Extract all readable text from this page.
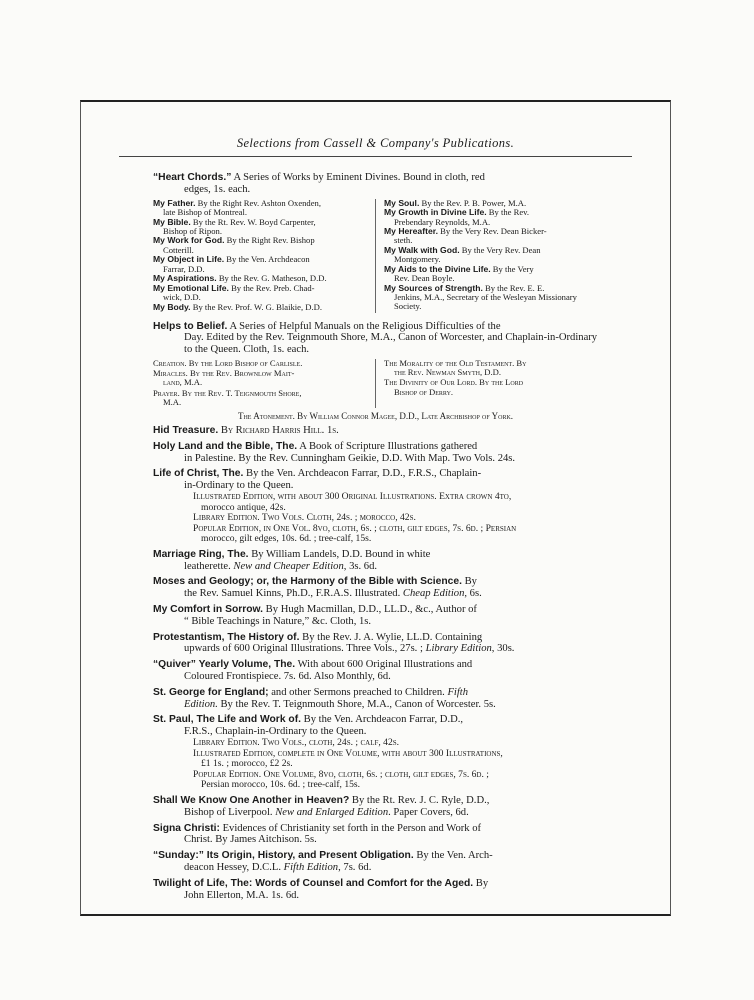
Selections from Cassell & Company's Publications.
“Heart Chords.” A Series of Works by Eminent Divines. Bound in cloth, red
edges, 1s. each.
My Father. By the Right Rev. Ashton Oxenden,
late Bishop of Montreal.
My Bible. By the Rt. Rev. W. Boyd Carpenter,
Bishop of Ripon.
My Work for God. By the Right Rev. Bishop
Cotterill.
My Object in Life. By the Ven. Archdeacon
Farrar, D.D.
My Aspirations. By the Rev. G. Matheson, D.D.
My Emotional Life. By the Rev. Preb. Chad-
wick, D.D.
My Body. By the Rev. Prof. W. G. Blaikie, D.D.
My Soul. By the Rev. P. B. Power, M.A.
My Growth in Divine Life. By the Rev.
Prebendary Reynolds, M.A.
My Hereafter. By the Very Rev. Dean Bicker-
steth.
My Walk with God. By the Very Rev. Dean
Montgomery.
My Aids to the Divine Life. By the Very
Rev. Dean Boyle.
My Sources of Strength. By the Rev. E. E.
Jenkins, M.A., Secretary of the Wesleyan Missionary Society.
Helps to Belief. A Series of Helpful Manuals on the Religious Difficulties of the
Day. Edited by the Rev. Teignmouth Shore, M.A., Canon of Worcester, and Chaplain-in-Ordinary to the Queen. Cloth, 1s. each.
Creation. By the Lord Bishop of Carlisle.
Miracles. By the Rev. Brownlow Mait-
land, M.A.
Prayer. By the Rev. T. Teignmouth Shore,
M.A.
The Morality of the Old Testament. By
the Rev. Newman Smyth, D.D.
The Divinity of Our Lord. By the Lord
Bishop of Derry.
The Atonement. By William Connor Magee, D.D., Late Archbishop of York.
Hid Treasure. By Richard Harris Hill. 1s.
Holy Land and the Bible, The. A Book of Scripture Illustrations gathered
in Palestine. By the Rev. Cunningham Geikie, D.D. With Map. Two Vols. 24s.
Life of Christ, The. By the Ven. Archdeacon Farrar, D.D., F.R.S., Chaplain-
in-Ordinary to the Queen.
Illustrated Edition, with about 300 Original Illustrations. Extra crown 4to,
morocco antique, 42s.
Library Edition. Two Vols. Cloth, 24s. ; morocco, 42s.
Popular Edition, in One Vol. 8vo, cloth, 6s. ; cloth, gilt edges, 7s. 6d. ; Persian
morocco, gilt edges, 10s. 6d. ; tree-calf, 15s.
Marriage Ring, The. By William Landels, D.D. Bound in white
leatherette. New and Cheaper Edition, 3s. 6d.
Moses and Geology; or, the Harmony of the Bible with Science. By
the Rev. Samuel Kinns, Ph.D., F.R.A.S. Illustrated. Cheap Edition, 6s.
My Comfort in Sorrow. By Hugh Macmillan, D.D., LL.D., &c., Author of
“ Bible Teachings in Nature,” &c. Cloth, 1s.
Protestantism, The History of. By the Rev. J. A. Wylie, LL.D. Containing
upwards of 600 Original Illustrations. Three Vols., 27s. ; Library Edition, 30s.
“Quiver” Yearly Volume, The. With about 600 Original Illustrations and
Coloured Frontispiece. 7s. 6d. Also Monthly, 6d.
St. George for England; and other Sermons preached to Children. Fifth
Edition. By the Rev. T. Teignmouth Shore, M.A., Canon of Worcester. 5s.
St. Paul, The Life and Work of. By the Ven. Archdeacon Farrar, D.D.,
F.R.S., Chaplain-in-Ordinary to the Queen.
Library Edition. Two Vols., cloth, 24s. ; calf, 42s.
Illustrated Edition, complete in One Volume, with about 300 Illustrations,
£1 1s. ; morocco, £2 2s.
Popular Edition. One Volume, 8vo, cloth, 6s. ; cloth, gilt edges, 7s. 6d. ;
Persian morocco, 10s. 6d. ; tree-calf, 15s.
Shall We Know One Another in Heaven? By the Rt. Rev. J. C. Ryle, D.D.,
Bishop of Liverpool. New and Enlarged Edition. Paper Covers, 6d.
Signa Christi: Evidences of Christianity set forth in the Person and Work of
Christ. By James Aitchison. 5s.
“Sunday:” Its Origin, History, and Present Obligation. By the Ven. Arch-
deacon Hessey, D.C.L. Fifth Edition, 7s. 6d.
Twilight of Life, The: Words of Counsel and Comfort for the Aged. By
John Ellerton, M.A. 1s. 6d.
